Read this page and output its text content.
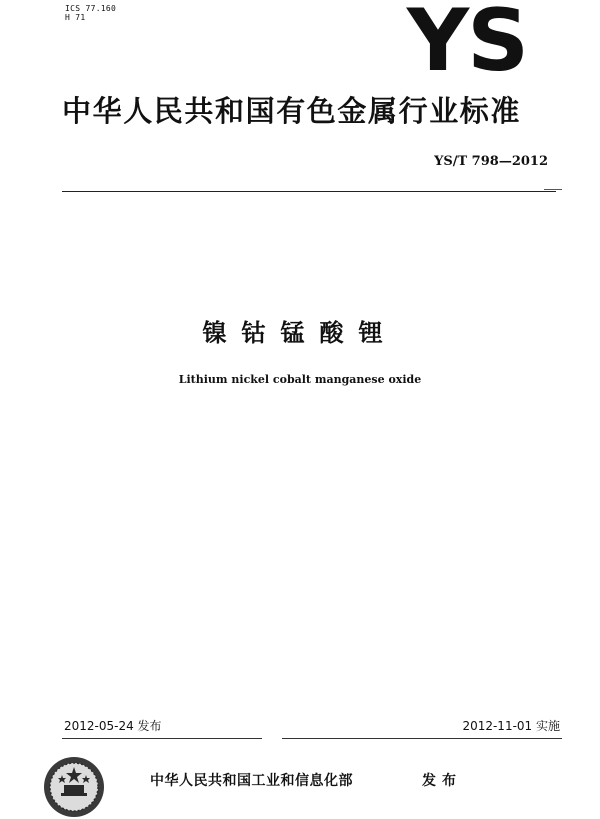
ICS 77.160
H 71	YS
中华人民共和国有色金属行业标准
YS/T 798—2012
镍钴锰酸锂
Lithium nickel cobalt manganese oxide
2012-05-24 发布	2012-11-01 实施
中华人民共和国工业和信息化部	发布
